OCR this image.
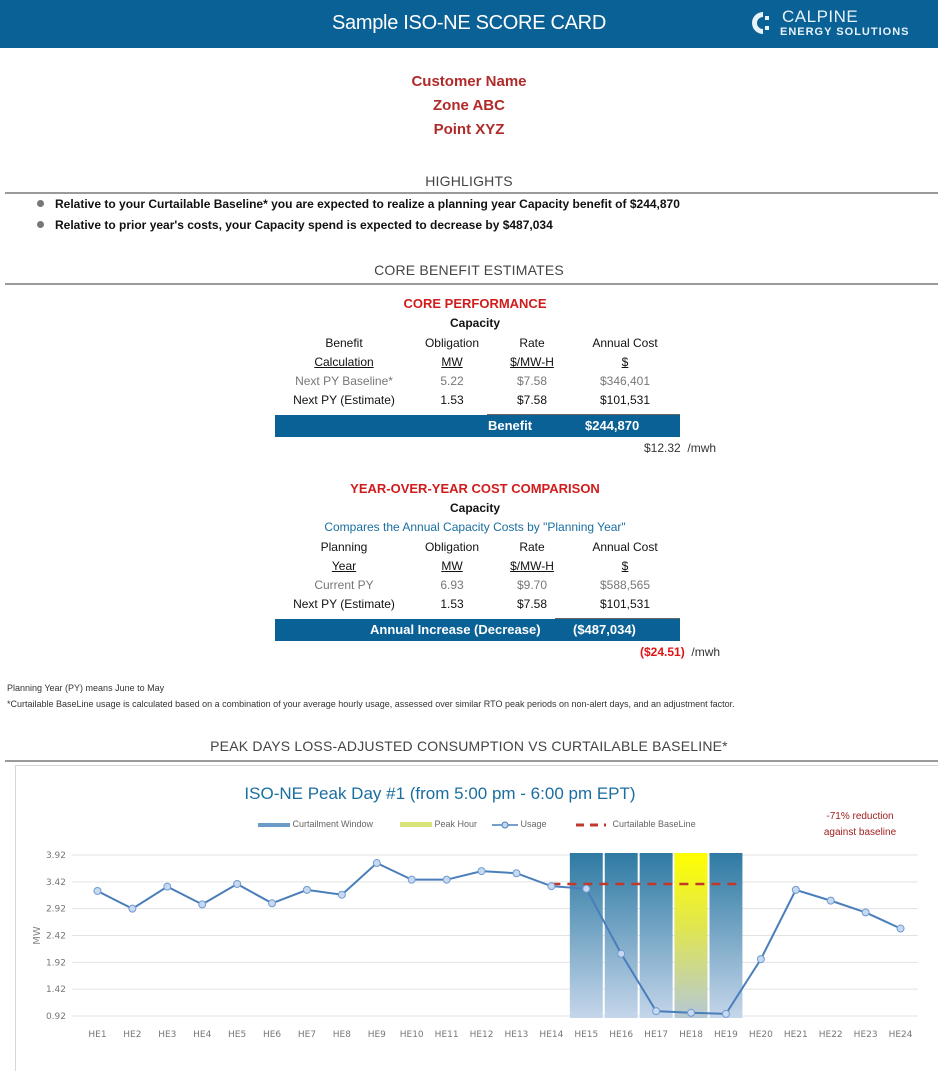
Sample ISO-NE SCORE CARD	CALPINE
ENERGY SOLUTIONS
Customer Name
Zone ABC
Point XYZ
HIGHLIGHTS
Relative to your Curtailable Baseline* you are expected to realize a planning year Capacity benefit of $244,870
Relative to prior year's costs, your Capacity spend is expected to decrease by $487,034
CORE BENEFIT ESTIMATES
CORE PERFORMANCE
Capacity
Benefit	Obligation	Rate	Annual Cost
Calculation	MW	$/MW-H	$
Next PY Baseline*	5.22	$7.58	$346,401
Next PY (Estimate)	1.53	$7.58	$101,531
Benefit	$244,870
$12.32 /mwh
YEAR-OVER-YEAR COST COMPARISON
Capacity
Compares the Annual Capacity Costs by "Planning Year"
Planning	Obligation	Rate	Annual Cost
Year	MW	$/MW-H	$
Current PY	6.93	$9.70	$588,565
Next PY (Estimate)	1.53	$7.58	$101,531
Annual Increase (Decrease) ($487,034)
($24.51) /mwh
Planning Year (PY) means June to May
*Curtailable BaseLine usage is calculated based on a combination of your average hourly usage, assessed over similar RTO peak periods on non-alert days, and an adjustment factor.
PEAK DAYS LOSS-ADJUSTED CONSUMPTION VS CURTAILABLE BASELINE*
ISO-NE Peak Day #1 (from 5:00 pm - 6:00 pm EPT)
Curtailment Window	Peak Hour	Usage	Curtailable BaseLine
-71% reduction
against baseline
0.92
1.42
1.92
2.42
2.92
3.42
3.92
HE1 HE2 HE3 HE4 HE5 HE6 HE7 HE8 HE9 HE10 HE11 HE12 HE13 HE14 HE15 HE16 HE17 HE18 HE19 HE20 HE21 HE22 HE23 HE24
MW
